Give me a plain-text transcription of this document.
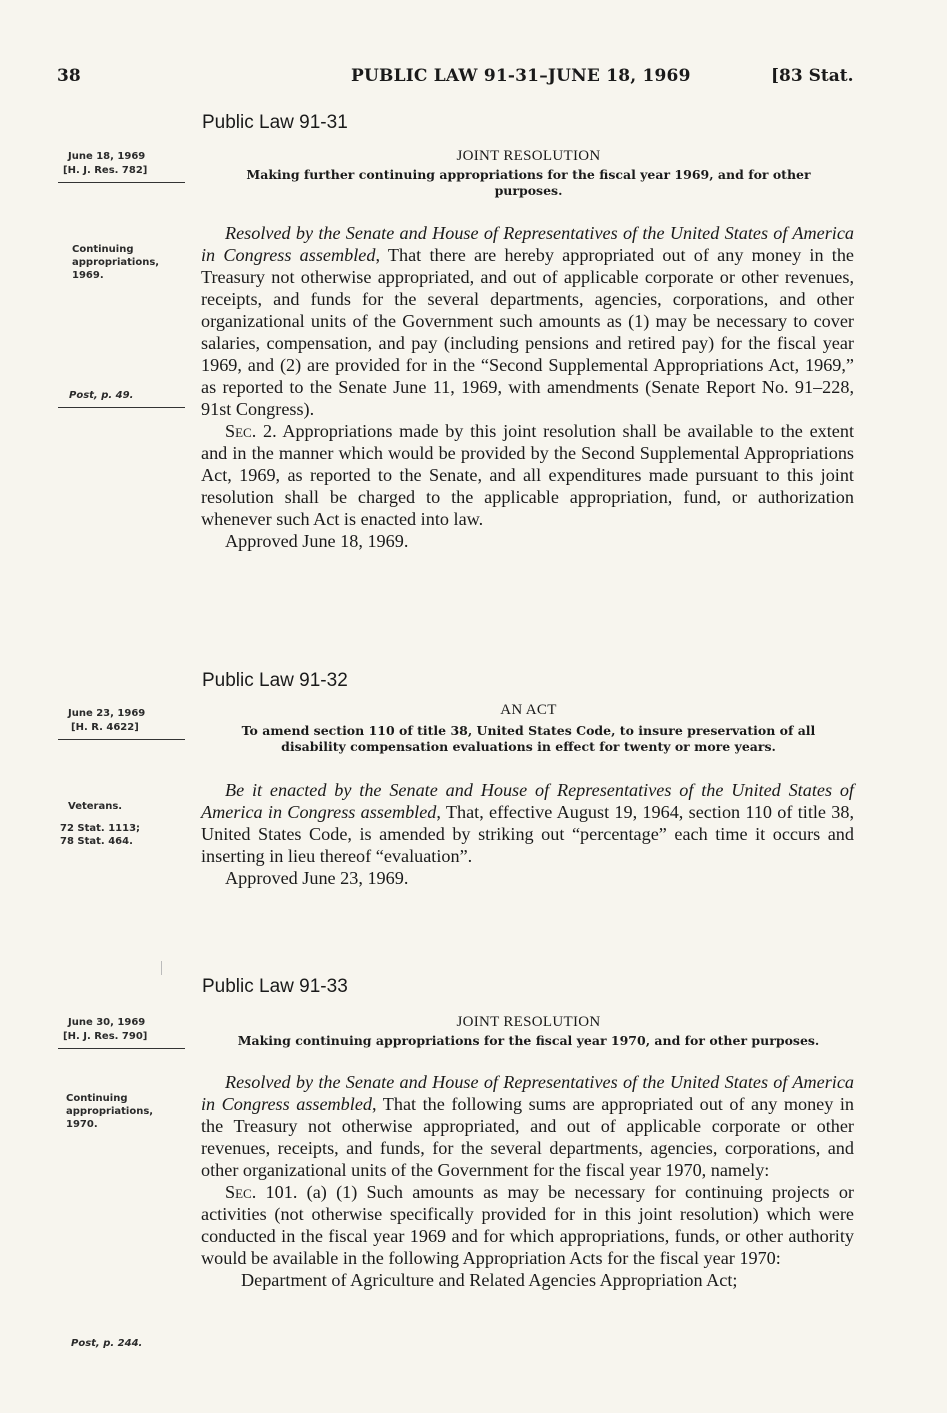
38	PUBLIC LAW 91-31–JUNE 18, 1969	[83 Stat.
Public Law 91-31
June 18, 1969
[H. J. Res. 782]
JOINT RESOLUTION
Making further continuing appropriations for the fiscal year 1969, and for other
purposes.
Continuing appropriations, 1969.
Post, p. 49.

Resolved by the Senate and House of Representatives of the United States of America in Congress assembled, That there are hereby appropriated out of any money in the Treasury not otherwise appropriated, and out of applicable corporate or other revenues, receipts, and funds for the several departments, agencies, corporations, and other organizational units of the Government such amounts as (1) may be necessary to cover salaries, compensation, and pay (including pensions and retired pay) for the fiscal year 1969, and (2) are provided for in the “Second Supplemental Appropriations Act, 1969,” as reported to the Senate June 11, 1969, with amendments (Senate Report No. 91–228, 91st Congress).

Sec. 2. Appropriations made by this joint resolution shall be available to the extent and in the manner which would be provided by the Second Supplemental Appropriations Act, 1969, as reported to the Senate, and all expenditures made pursuant to this joint resolution shall be charged to the applicable appropriation, fund, or authorization whenever such Act is enacted into law.

Approved June 18, 1969.

Public Law 91-32
June 23, 1969
[H. R. 4622]
AN ACT
To amend section 110 of title 38, United States Code, to insure preservation of all
disability compensation evaluations in effect for twenty or more years.
Veterans.
72 Stat. 1113; 78 Stat. 464.

Be it enacted by the Senate and House of Representatives of the United States of America in Congress assembled, That, effective August 19, 1964, section 110 of title 38, United States Code, is amended by striking out “percentage” each time it occurs and inserting in lieu thereof “evaluation”.

Approved June 23, 1969.

Public Law 91-33
June 30, 1969
[H. J. Res. 790]
JOINT RESOLUTION
Making continuing appropriations for the fiscal year 1970, and for other purposes.
Continuing appropriations, 1970.
Post, p. 244.

Resolved by the Senate and House of Representatives of the United States of America in Congress assembled, That the following sums are appropriated out of any money in the Treasury not otherwise appropriated, and out of applicable corporate or other revenues, receipts, and funds, for the several departments, agencies, corporations, and other organizational units of the Government for the fiscal year 1970, namely:

Sec. 101. (a) (1) Such amounts as may be necessary for continuing projects or activities (not otherwise specifically provided for in this joint resolution) which were conducted in the fiscal year 1969 and for which appropriations, funds, or other authority would be available in the following Appropriation Acts for the fiscal year 1970:

Department of Agriculture and Related Agencies Appropriation Act;
